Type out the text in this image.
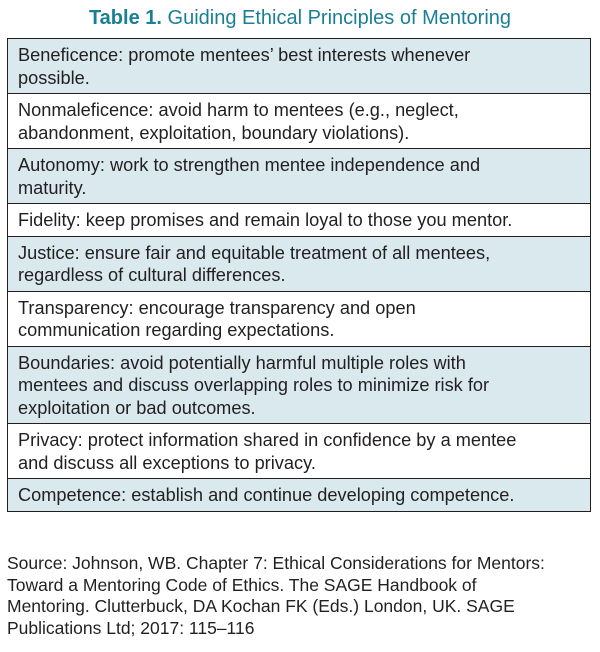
Table 1. Guiding Ethical Principles of Mentoring
Beneficence: promote mentees’ best interests whenever
possible.
Nonmaleficence: avoid harm to mentees (e.g., neglect,
abandonment, exploitation, boundary violations).
Autonomy: work to strengthen mentee independence and
maturity.
Fidelity: keep promises and remain loyal to those you mentor.
Justice: ensure fair and equitable treatment of all mentees,
regardless of cultural differences.
Transparency: encourage transparency and open
communication regarding expectations.
Boundaries: avoid potentially harmful multiple roles with
mentees and discuss overlapping roles to minimize risk for
exploitation or bad outcomes.
Privacy: protect information shared in confidence by a mentee
and discuss all exceptions to privacy.
Competence: establish and continue developing competence.
Source: Johnson, WB. Chapter 7: Ethical Considerations for Mentors:
Toward a Mentoring Code of Ethics. The SAGE Handbook of
Mentoring. Clutterbuck, DA Kochan FK (Eds.) London, UK. SAGE
Publications Ltd; 2017: 115–116
